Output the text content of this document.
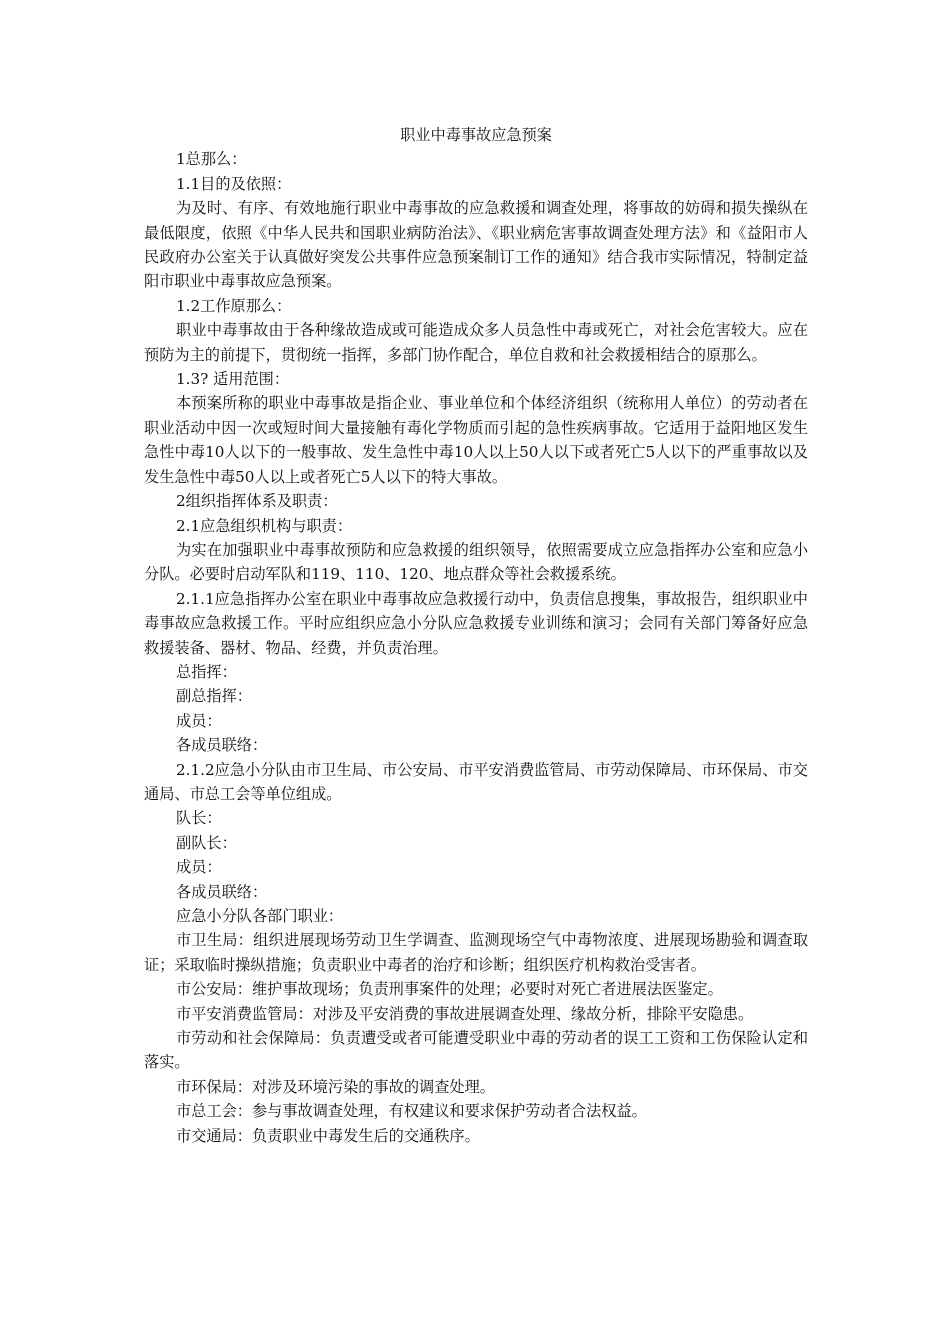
职业中毒事故应急预案

1总那么：

1.1目的及依照：

为及时、有序、有效地施行职业中毒事故的应急救援和调查处理，将事故的妨碍和损失操纵在最低限度，依照《中华人民共和国职业病防治法》、《职业病危害事故调查处理方法》和《益阳市人民政府办公室关于认真做好突发公共事件应急预案制订工作的通知》结合我市实际情况，特制定益阳市职业中毒事故应急预案。

1.2工作原那么：

职业中毒事故由于各种缘故造成或可能造成众多人员急性中毒或死亡，对社会危害较大。应在预防为主的前提下，贯彻统一指挥，多部门协作配合，单位自救和社会救援相结合的原那么。

1.3? 适用范围：

本预案所称的职业中毒事故是指企业、事业单位和个体经济组织（统称用人单位）的劳动者在职业活动中因一次或短时间大量接触有毒化学物质而引起的急性疾病事故。它适用于益阳地区发生急性中毒10人以下的一般事故、发生急性中毒10人以上50人以下或者死亡5人以下的严重事故以及发生急性中毒50人以上或者死亡5人以下的特大事故。

2组织指挥体系及职责：

2.1应急组织机构与职责：

为实在加强职业中毒事故预防和应急救援的组织领导，依照需要成立应急指挥办公室和应急小分队。必要时启动军队和119、110、120、地点群众等社会救援系统。

2.1.1应急指挥办公室在职业中毒事故应急救援行动中，负责信息搜集，事故报告，组织职业中毒事故应急救援工作。平时应组织应急小分队应急救援专业训练和演习；会同有关部门筹备好应急救援装备、器材、物品、经费，并负责治理。

总指挥：

副总指挥：

成员：

各成员联络：

2.1.2应急小分队由市卫生局、市公安局、市平安消费监管局、市劳动保障局、市环保局、市交通局、市总工会等单位组成。

队长：

副队长：

成员：

各成员联络：

应急小分队各部门职业：

市卫生局：组织进展现场劳动卫生学调查、监测现场空气中毒物浓度、进展现场勘验和调查取证；采取临时操纵措施；负责职业中毒者的治疗和诊断；组织医疗机构救治受害者。

市公安局：维护事故现场；负责刑事案件的处理；必要时对死亡者进展法医鉴定。

市平安消费监管局：对涉及平安消费的事故进展调查处理、缘故分析，排除平安隐患。

市劳动和社会保障局：负责遭受或者可能遭受职业中毒的劳动者的误工工资和工伤保险认定和落实。

市环保局：对涉及环境污染的事故的调查处理。

市总工会：参与事故调查处理，有权建议和要求保护劳动者合法权益。

市交通局：负责职业中毒发生后的交通秩序。
